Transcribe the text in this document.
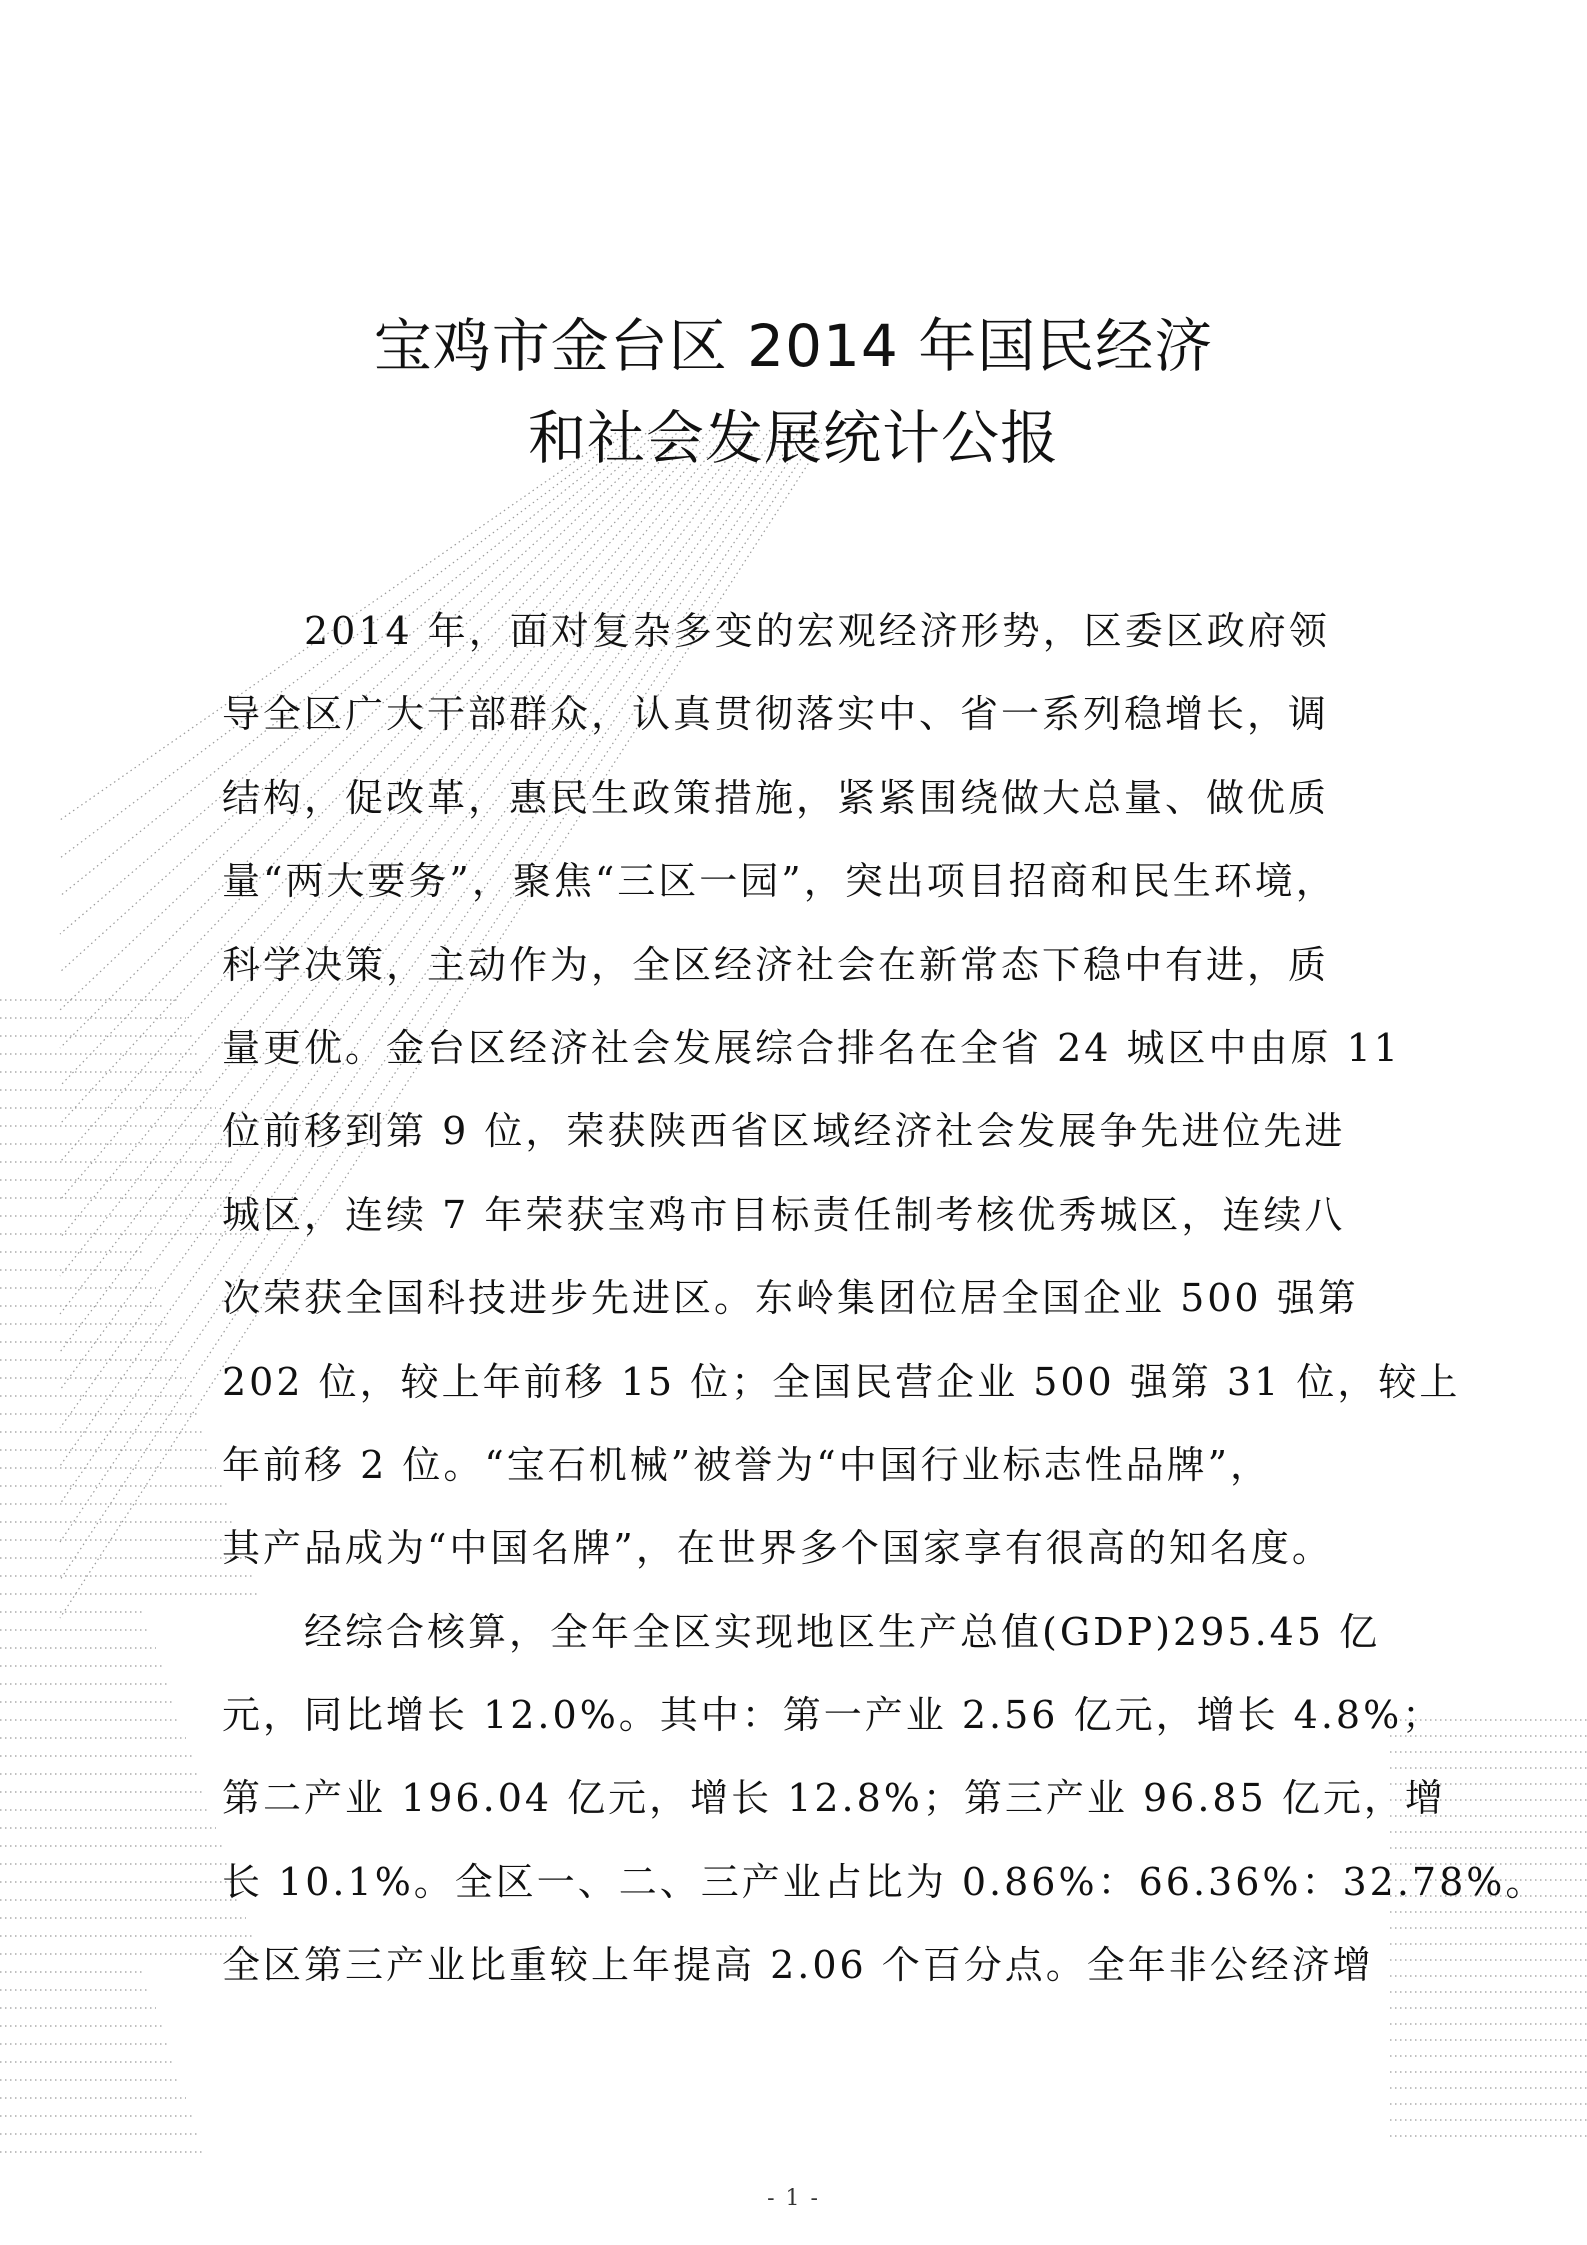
宝鸡市金台区 2014 年国民经济
和社会发展统计公报
　　2014 年，面对复杂多变的宏观经济形势，区委区政府领
导全区广大干部群众，认真贯彻落实中、省一系列稳增长，调
结构，促改革，惠民生政策措施，紧紧围绕做大总量、做优质
量“两大要务”，聚焦“三区一园”，突出项目招商和民生环境，
科学决策，主动作为，全区经济社会在新常态下稳中有进，质
量更优。金台区经济社会发展综合排名在全省 24 城区中由原 11
位前移到第 9 位，荣获陕西省区域经济社会发展争先进位先进
城区，连续 7 年荣获宝鸡市目标责任制考核优秀城区，连续八
次荣获全国科技进步先进区。东岭集团位居全国企业 500 强第
202 位，较上年前移 15 位；全国民营企业 500 强第 31 位，较上
年前移 2 位。“宝石机械”被誉为“中国行业标志性品牌”，
其产品成为“中国名牌”，在世界多个国家享有很高的知名度。
　　经综合核算，全年全区实现地区生产总值(GDP)295.45 亿
元，同比增长 12.0%。其中：第一产业 2.56 亿元，增长 4.8%；
第二产业 196.04 亿元，增长 12.8%；第三产业 96.85 亿元，增
长 10.1%。全区一、二、三产业占比为 0.86%：66.36%：32.78%。
全区第三产业比重较上年提高 2.06 个百分点。全年非公经济增
- 1 -
